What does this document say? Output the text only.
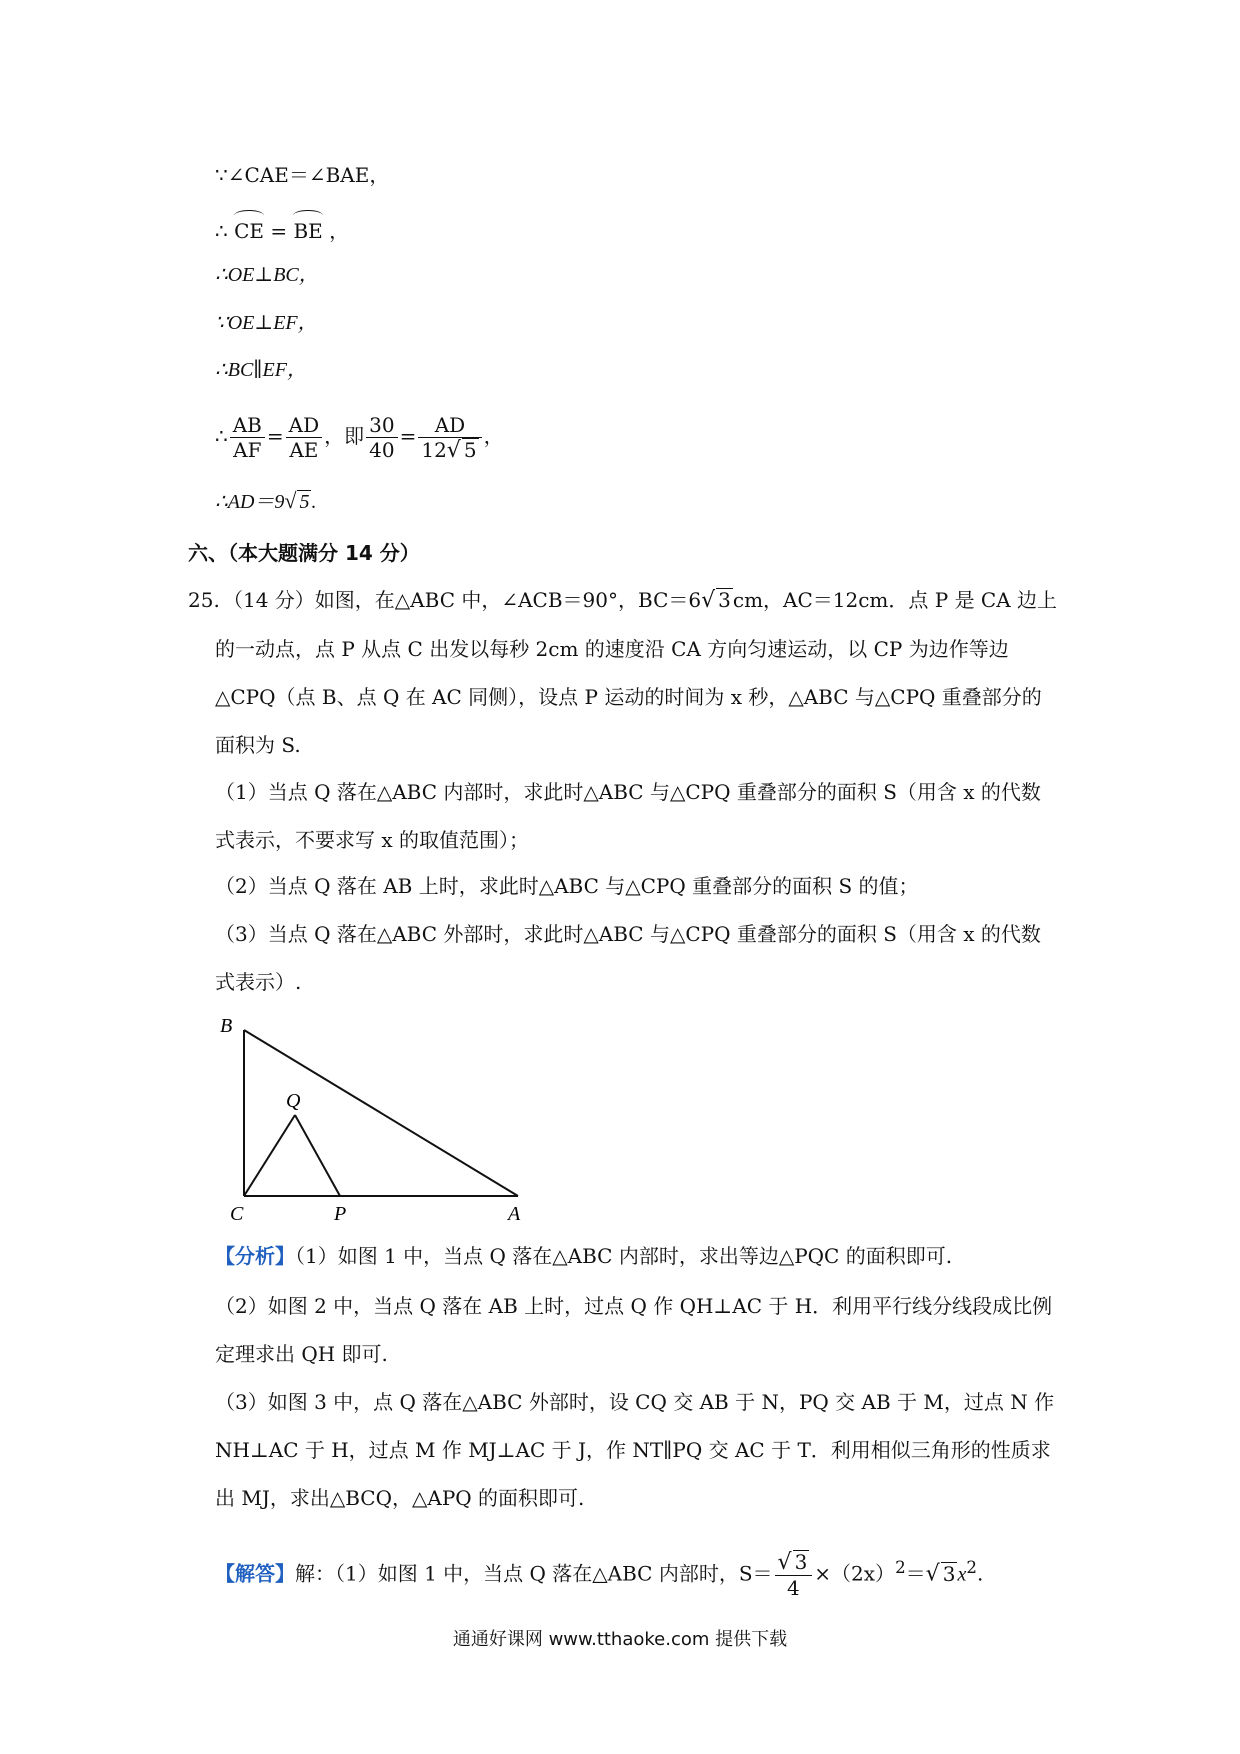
∵∠CAE＝∠BAE，
∴ CE = BE ，
∴OE⊥BC，
∵OE⊥EF，
∴BC∥EF，
∴ $\frac{AB}{AF} = \frac{AD}{AE}$ ，即 $\frac{30}{40} = \frac{AD}{12√ 5}$ ，
∴AD＝9√ 5 .
六、（本大题满分 14 分）
25. （14 分）如图，在△ABC 中，∠ACB＝90°，BC＝6√ 3 cm，AC＝12cm．点 P 是 CA 边上的一动点，点 P 从点 C 出发以每秒 2cm 的速度沿 CA 方向匀速运动，以 CP 为边作等边△CPQ（点 B、点 Q 在 AC 同侧），设点 P 运动的时间为 x 秒，△ABC 与△CPQ 重叠部分的面积为 S.
（1）当点 Q 落在△ABC 内部时，求此时△ABC 与△CPQ 重叠部分的面积 S（用含 x 的代数式表示，不要求写 x 的取值范围）；
（2）当点 Q 落在 AB 上时，求此时△ABC 与△CPQ 重叠部分的面积 S 的值；
（3）当点 Q 落在△ABC 外部时，求此时△ABC 与△CPQ 重叠部分的面积 S（用含 x 的代数式表示）.
B
Q
C	P	A
【分析】（1）如图 1 中，当点 Q 落在△ABC 内部时，求出等边△PQC 的面积即可.
（2）如图 2 中，当点 Q 落在 AB 上时，过点 Q 作 QH⊥AC 于 H．利用平行线分线段成比例定理求出 QH 即可.
（3）如图 3 中，点 Q 落在△ABC 外部时，设 CQ 交 AB 于 N，PQ 交 AB 于 M，过点 N 作 NH⊥AC 于 H，过点 M 作 MJ⊥AC 于 J，作 NT∥PQ 交 AC 于 T．利用相似三角形的性质求出 MJ，求出△BCQ，△APQ 的面积即可.
【解答】解：（1）如图 1 中，当点 Q 落在△ABC 内部时，$S= \frac{√ 3}{4} \times(2x)^2=√$ 3 $x^2$.
通通好课网 www.tthaoke.com 提供下载
